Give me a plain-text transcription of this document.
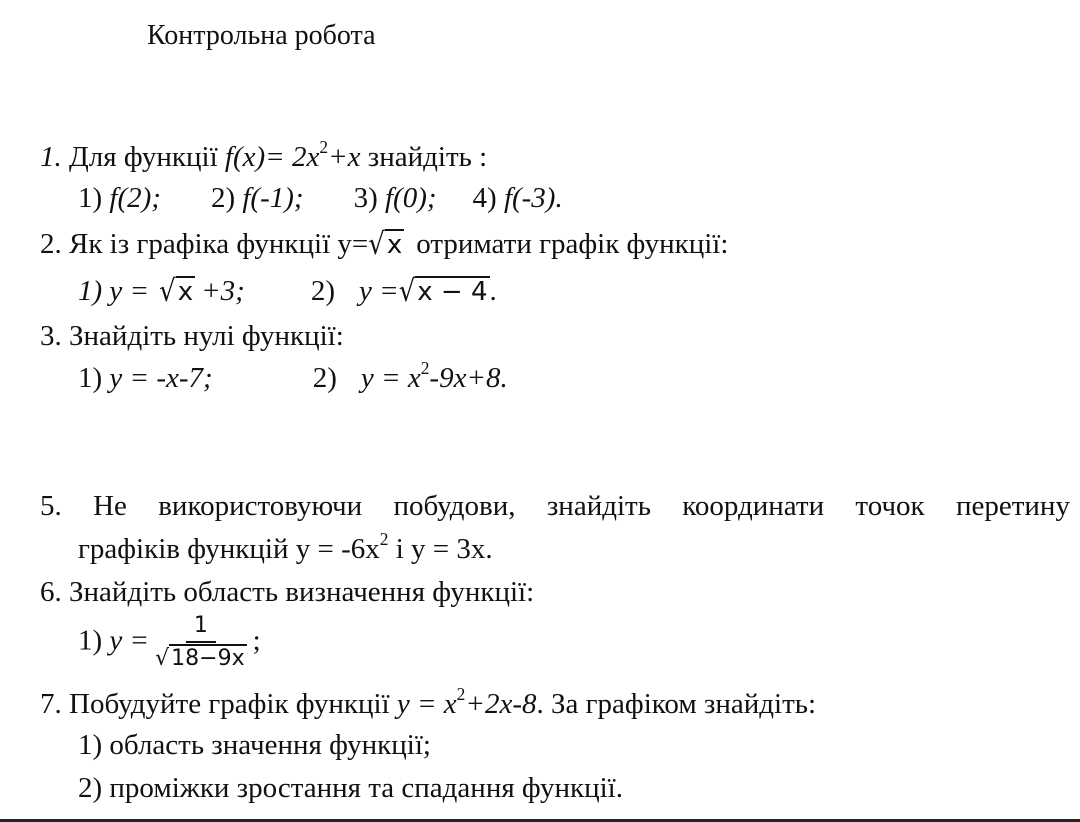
Контрольна робота
1. Для функції $f(x)= 2x^2+x$ знайдіть :
1) f(2); 2) f(-1); 3) f(0); 4) f(-3).
2. Як із графіка функції у=√x отримати графік функції:
1) у = √x +3; 2) у =√x − 4.
3. Знайдіть нулі функції:
1) у = -х-7;	2) $у = х^2-9х+8$.
5. Не використовуючи побудови, знайдіть координати точок перетину
графіків функцій $у = -6х^2$ і у = 3х.
6. Знайдіть область визначення функції:
1) $у = \frac{1}{√18-9x}$ ;
7. Побудуйте графік функції $у = х^2+2х-8$. За графіком знайдіть:
1) область значення функції;
2) проміжки зростання та спадання функції.
